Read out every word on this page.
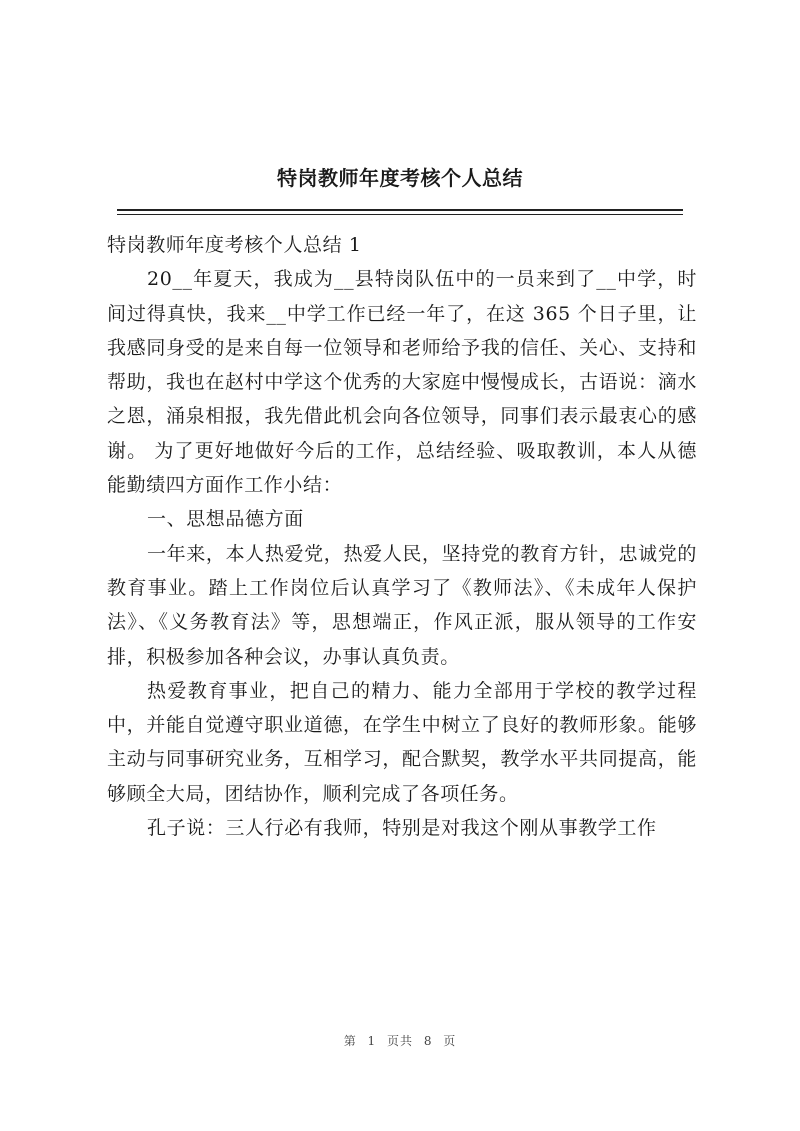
特岗教师年度考核个人总结

特岗教师年度考核个人总结 1

20__年夏天，我成为__县特岗队伍中的一员来到了__中学，时间过得真快，我来__中学工作已经一年了，在这 365 个日子里，让我感同身受的是来自每一位领导和老师给予我的信任、关心、支持和帮助，我也在赵村中学这个优秀的大家庭中慢慢成长，古语说：滴水之恩，涌泉相报，我先借此机会向各位领导，同事们表示最衷心的感谢。 为了更好地做好今后的工作，总结经验、吸取教训，本人从德能勤绩四方面作工作小结：

一、思想品德方面

一年来，本人热爱党，热爱人民，坚持党的教育方针，忠诚党的教育事业。踏上工作岗位后认真学习了《教师法》、《未成年人保护法》、《义务教育法》等，思想端正，作风正派，服从领导的工作安排，积极参加各种会议，办事认真负责。

热爱教育事业，把自己的精力、能力全部用于学校的教学过程中，并能自觉遵守职业道德，在学生中树立了良好的教师形象。能够主动与同事研究业务，互相学习，配合默契，教学水平共同提高，能够顾全大局，团结协作，顺利完成了各项任务。

孔子说：三人行必有我师，特别是对我这个刚从事教学工作

第 1 页共 8 页
